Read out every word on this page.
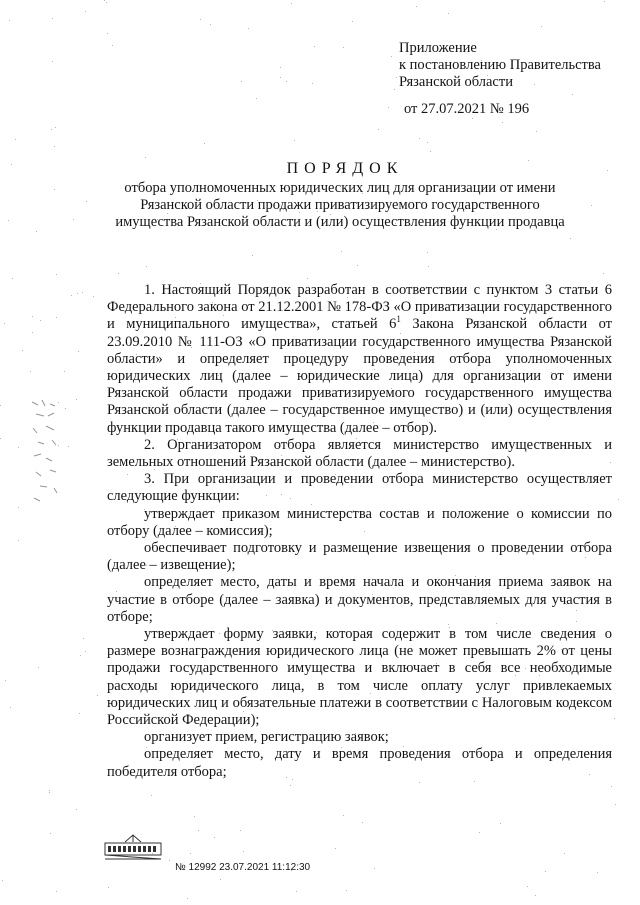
Приложение
к постановлению Правительства
Рязанской области
от 27.07.2021 № 196
ПОРЯДОК
отбора уполномоченных юридических лиц для организации от имени Рязанской области продажи приватизируемого государственного имущества Рязанской области и (или) осуществления функции продавца

1. Настоящий Порядок разработан в соответствии с пунктом 3 статьи 6 Федерального закона от 21.12.2001 № 178-ФЗ «О приватизации государственного и муниципального имущества», статьей $6^1$ Закона Рязанской области от 23.09.2010 № 111-ОЗ «О приватизации государственного имущества Рязанской области» и определяет процедуру проведения отбора уполномоченных юридических лиц (далее – юридические лица) для организации от имени Рязанской области продажи приватизируемого государственного имущества Рязанской области (далее – государственное имущество) и (или) осуществления функции продавца такого имущества (далее – отбор).

2. Организатором отбора является министерство имущественных и земельных отношений Рязанской области (далее – министерство).

3. При организации и проведении отбора министерство осуществляет следующие функции:

утверждает приказом министерства состав и положение о комиссии по отбору (далее – комиссия);

обеспечивает подготовку и размещение извещения о проведении отбора (далее – извещение);

определяет место, даты и время начала и окончания приема заявок на участие в отборе (далее – заявка) и документов, представляемых для участия в отборе;

утверждает форму заявки, которая содержит в том числе сведения о размере вознаграждения юридического лица (не может превышать 2% от цены продажи государственного имущества и включает в себя все необходимые расходы юридического лица, в том числе оплату услуг привлекаемых юридических лиц и обязательные платежи в соответствии с Налоговым кодексом Российской Федерации);

организует прием, регистрацию заявок;

определяет место, дату и время проведения отбора и определения победителя отбора;

№ 12992 23.07.2021 11:12:30
